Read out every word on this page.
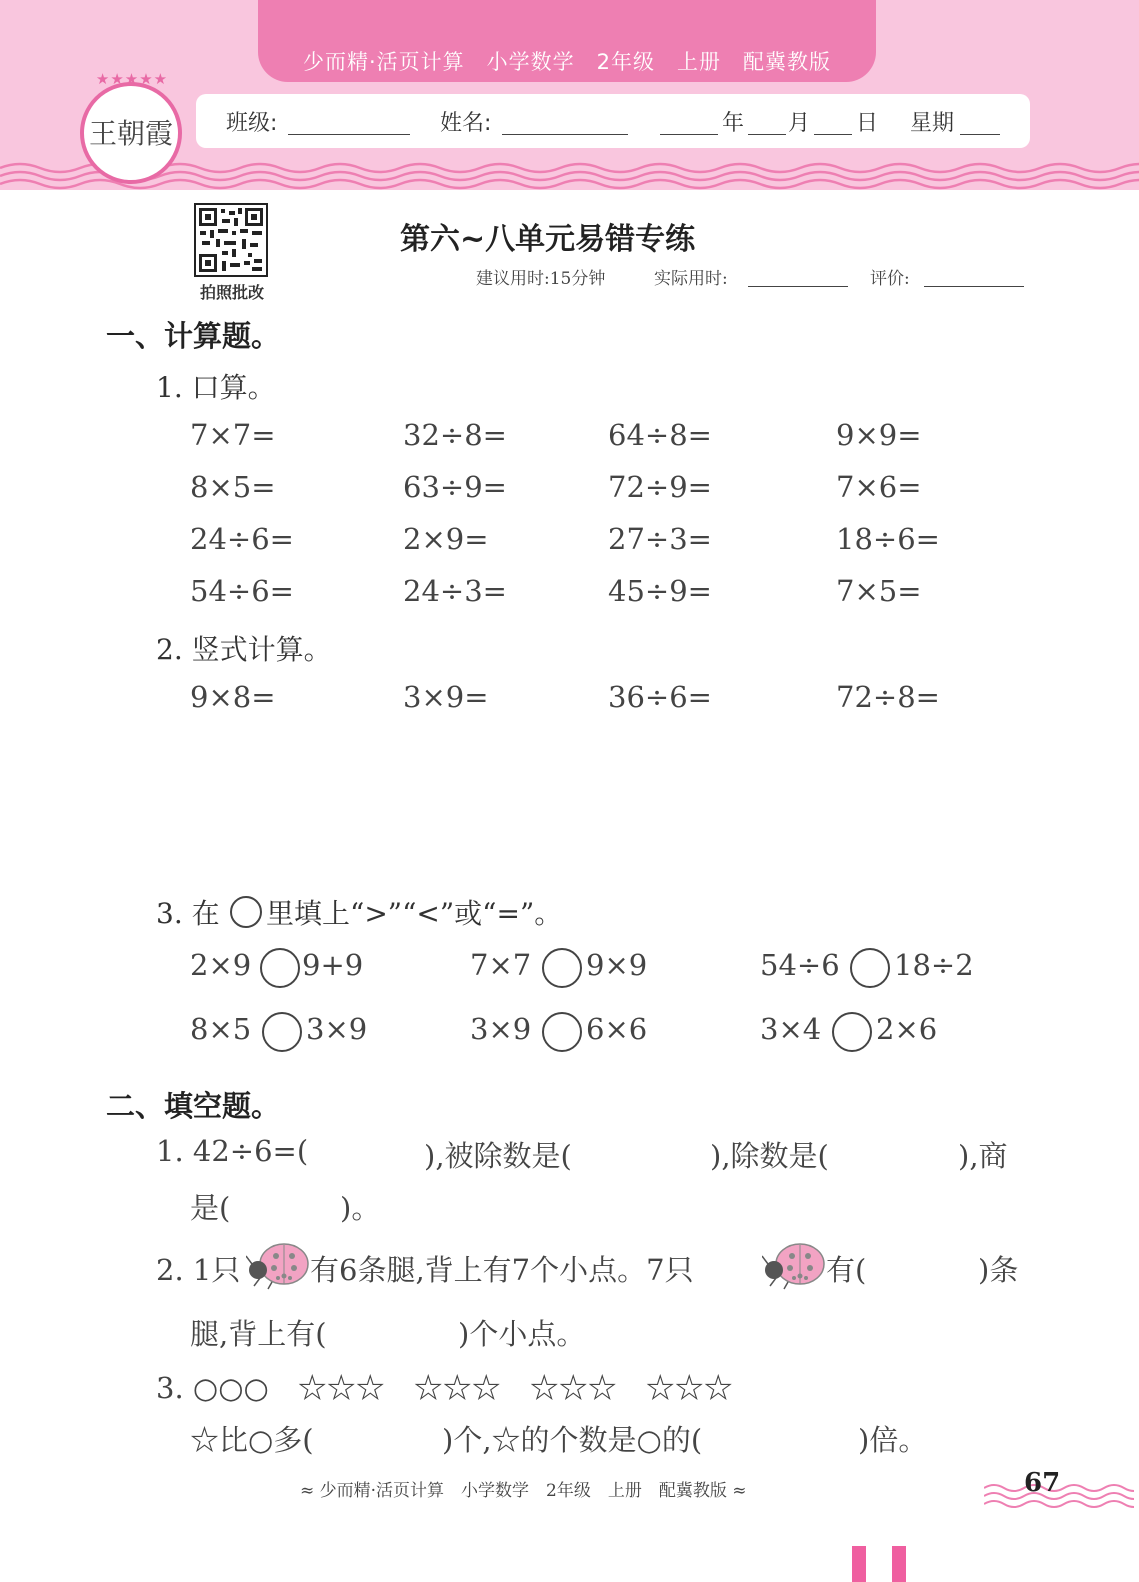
少而精·活页计算　小学数学　2年级　上册　配冀教版
★★★★★
王朝霞	班级:	姓名:	年 月 日 星期
拍照批改
第六~八单元易错专练
建议用时:15分钟	实际用时:	评价:
一、计算题。
1. 口算。
7×7=	32÷8=	64÷8=	9×9=
8×5=	63÷9=	72÷9=	7×6=
24÷6=	2×9=	27÷3=	18÷6=
54÷6=	24÷3=	45÷9=	7×5=
2. 竖式计算。
9×8=	3×9=	36÷6=	72÷8=
3. 在 里填上“>”“<”或“=”。
2×9 9+9	7×7 9×9	54÷6 18÷2
8×5 3×9	3×9 6×6	3×4 2×6
二、填空题。
1. 42÷6=(	),被除数是(	),除数是(	),商
是(	)。
2. 1只 有6条腿,背上有7个小点。7只	有(	)条
腿,背上有(	)个小点。
3. ○○○　☆☆☆　☆☆☆　☆☆☆　☆☆☆
☆比○多(	)个,☆的个数是○的(	)倍。
≈ 少而精·活页计算　小学数学　2年级　上册　配冀教版 ≈	67
